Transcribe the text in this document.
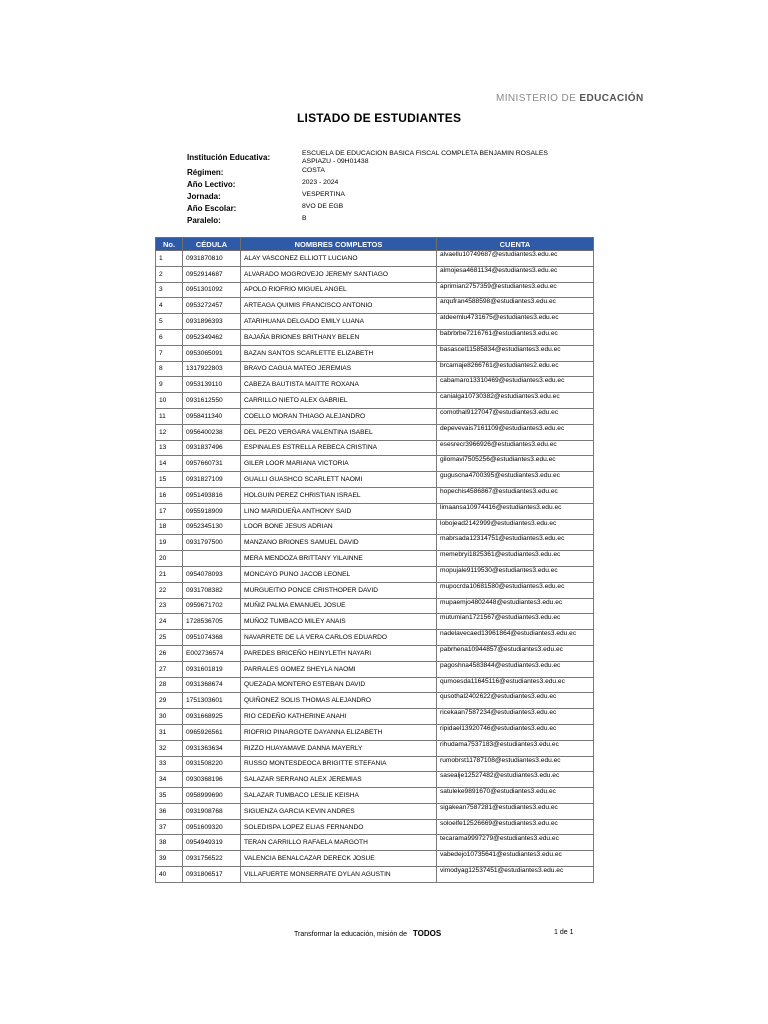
MINISTERIO DE EDUCACIÓN
LISTADO DE ESTUDIANTES
Institución Educativa:	ESCUELA DE EDUCACION BASICA FISCAL COMPLETA BENJAMIN ROSALES ASPIAZU - 09H01438
Régimen:	COSTA
Año Lectivo:	2023 - 2024
Jornada:	VESPERTINA
Año Escolar:	8VO DE EGB
Paralelo:	B
No.	CÉDULA	NOMBRES COMPLETOS	CUENTA
1	0931870810	ALAY VASCONEZ ELLIOTT LUCIANO	alvaellu10749687@estudiantes3.edu.ec
2	0952914687	ALVARADO MOGROVEJO JEREMY SANTIAGO	almojesa4681134@estudiantes3.edu.ec
3	0951301092	APOLO RIOFRIO MIGUEL ANGEL	aprimian2757359@estudiantes3.edu.ec
4	0953272457	ARTEAGA QUIMIS FRANCISCO ANTONIO	arqufran4588598@estudiantes3.edu.ec
5	0931896393	ATARIHUANA DELGADO EMILY LUANA	atdeemlu4731675@estudiantes3.edu.ec
6	0952349462	BAJAÑA BRIONES BRITHANY BELEN	babrbrbe7216761@estudiantes3.edu.ec
7	0953065091	BAZAN SANTOS SCARLETTE ELIZABETH	basascel11585834@estudiantes3.edu.ec
8	1317922803	BRAVO CAGUA MATEO JEREMIAS	brcamaje8266761@estudiantes2.edu.ec
9	0953139110	CABEZA BAUTISTA MAITTE ROXANA	cabamaro13310469@estudiantes3.edu.ec
10	0931612550	CARRILLO NIETO ALEX GABRIEL	canialga10730382@estudiantes3.edu.ec
11	0958411340	COELLO MORAN THIAGO ALEJANDRO	comothal9127047@estudiantes3.edu.ec
12	0956400238	DEL PEZO VERGARA VALENTINA ISABEL	depevevais7161109@estudiantes3.edu.ec
13	0931837496	ESPINALES ESTRELLA REBECA CRISTINA	esesrecr3966926@estudiantes3.edu.ec
14	0957660731	GILER LOOR MARIANA VICTORIA	gilomavi7505256@estudiantes3.edu.ec
15	0931827109	GUALLI GUASHCO SCARLETT NAOMI	guguscna4700395@estudiantes3.edu.ec
16	0951493816	HOLGUIN PEREZ CHRISTIAN ISRAEL	hopechis4586867@estudiantes3.edu.ec
17	0955918909	LINO MARIDUEÑA ANTHONY SAID	limaansa10974416@estudiantes3.edu.ec
18	0952345130	LOOR BONE JESUS ADRIAN	lobojead2142999@estudiantes3.edu.ec
19	0931797500	MANZANO BRIONES SAMUEL DAVID	mabrsada12314751@estudiantes3.edu.ec
20		MERA MENDOZA BRITTANY YILAINNE	memebryi1825361@estudiantes3.edu.ec
21	0954078093	MONCAYO PUNO JACOB LEONEL	mopujale9119530@estudiantes3.edu.ec
22	0931708382	MURGUEITIO PONCE CRISTHOPER DAVID	mupocrda10681580@estudiantes3.edu.ec
23	0959671702	MUÑIZ PALMA EMANUEL JOSUE	mupaemjo4802448@estudiantes3.edu.ec
24	1728536705	MUÑOZ TUMBACO MILEY ANAIS	mutumian1721567@estudiantes3.edu.ec
25	0951074368	NAVARRETE DE LA VERA CARLOS EDUARDO	nadelavecaed13961864@estudiantes3.edu.ec
26	E002736574	PAREDES BRICEÑO HEINYLETH NAYARI	pabrhena10944857@estudiantes3.edu.ec
27	0931601819	PARRALES GOMEZ SHEYLA NAOMI	pagoshna4583844@estudiantes3.edu.ec
28	0931368674	QUEZADA MONTERO ESTEBAN DAVID	qumoesda11645116@estudiantes3.edu.ec
29	1751303601	QUIÑONEZ SOLIS THOMAS ALEJANDRO	qusothal2402622@estudiantes3.edu.ec
30	0931668925	RIO CEDEÑO KATHERINE ANAHI	ricekaan7587234@estudiantes3.edu.ec
31	0965926561	RIOFRIO PINARGOTE DAYANNA ELIZABETH	ripidael13920746@estudiantes3.edu.ec
32	0931363634	RIZZO HUAYAMAVE DANNA MAYERLY	rihudama7537183@estudiantes3.edu.ec
33	0931508220	RUSSO MONTESDEOCA BRIGITTE STEFANIA	rumobrst11787108@estudiantes3.edu.ec
34	0930368196	SALAZAR SERRANO ALEX JEREMIAS	sasealje12527482@estudiantes3.edu.ec
35	0958999690	SALAZAR TUMBACO LESLIE KEISHA	satuleke9891670@estudiantes3.edu.ec
36	0931908768	SIGUENZA GARCIA KEVIN ANDRES	sigakean7587281@estudiantes3.edu.ec
37	0951609320	SOLEDISPA LOPEZ ELIAS FERNANDO	soloelfe12526669@estudiantes3.edu.ec
38	0954949319	TERAN CARRILLO RAFAELA MARGOTH	tecarama9997279@estudiantes3.edu.ec
39	0931756522	VALENCIA BENALCAZAR DERECK JOSUE	vabedejo10735641@estudiantes3.edu.ec
40	0931806517	VILLAFUERTE MONSERRATE DYLAN AGUSTIN	vimodyag12537451@estudiantes3.edu.ec
Transformar la educación, misión de TODOS	1 de 1
